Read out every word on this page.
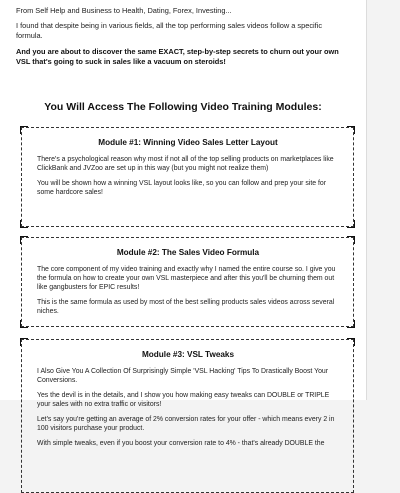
From Self Help and Business to Health, Dating, Forex, Investing...

I found that despite being in various fields, all the top performing sales videos follow a specific formula.

And you are about to discover the same EXACT, step-by-step secrets to churn out your own VSL that's going to suck in sales like a vacuum on steroids!

You Will Access The Following Video Training Modules:
Module #1: Winning Video Sales Letter Layout

There's a psychological reason why most if not all of the top selling products on marketplaces like ClickBank and JVZoo are set up in this way (but you might not realize them)

You will be shown how a winning VSL layout looks like, so you can follow and prep your site for some hardcore sales!

Module #2: The Sales Video Formula

The core component of my video training and exactly why I named the entire course so. I give you the formula on how to create your own VSL masterpiece and after this you'll be churning them out like gangbusters for EPIC results!

This is the same formula as used by most of the best selling products sales videos across several niches.

Module #3: VSL Tweaks

I Also Give You A Collection Of Surprisingly Simple 'VSL Hacking' Tips To Drastically Boost Your Conversions.

Yes the devil is in the details, and I show you how making easy tweaks can DOUBLE or TRIPLE your sales with no extra traffic or visitors!

Let's say you're getting an average of 2% conversion rates for your offer - which means every 2 in 100 visitors purchase your product.

With simple tweaks, even if you boost your conversion rate to 4% - that's already DOUBLE the
